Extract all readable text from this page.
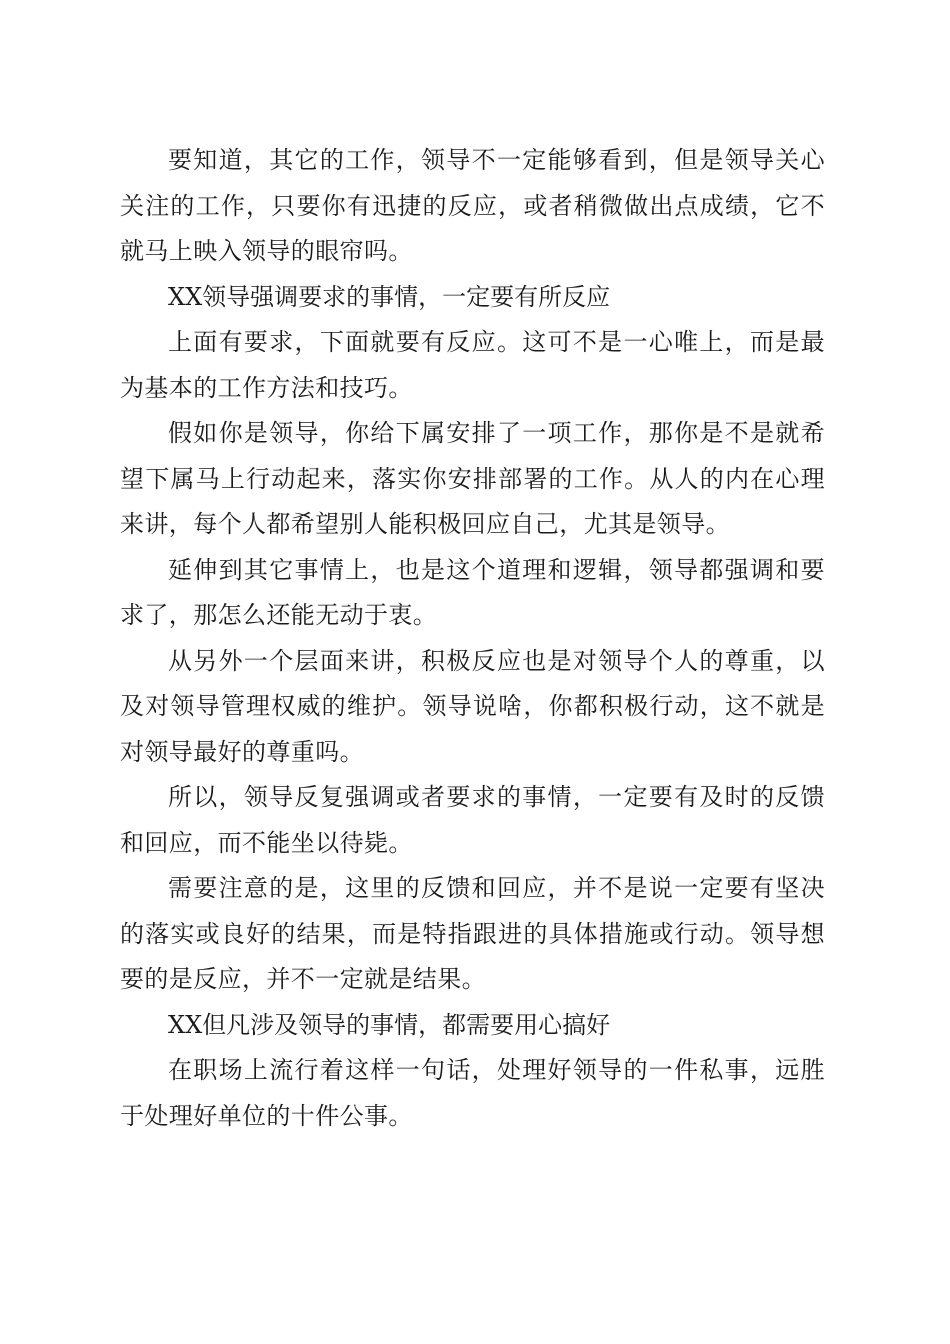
要知道，其它的工作，领导不一定能够看到，但是领导关心关注的工作，只要你有迅捷的反应，或者稍微做出点成绩，它不就马上映入领导的眼帘吗。

XX领导强调要求的事情，一定要有所反应

上面有要求，下面就要有反应。这可不是一心唯上，而是最为基本的工作方法和技巧。

假如你是领导，你给下属安排了一项工作，那你是不是就希望下属马上行动起来，落实你安排部署的工作。从人的内在心理来讲，每个人都希望别人能积极回应自己，尤其是领导。

延伸到其它事情上，也是这个道理和逻辑，领导都强调和要求了，那怎么还能无动于衷。

从另外一个层面来讲，积极反应也是对领导个人的尊重，以及对领导管理权威的维护。领导说啥，你都积极行动，这不就是对领导最好的尊重吗。

所以，领导反复强调或者要求的事情，一定要有及时的反馈和回应，而不能坐以待毙。

需要注意的是，这里的反馈和回应，并不是说一定要有坚决的落实或良好的结果，而是特指跟进的具体措施或行动。领导想要的是反应，并不一定就是结果。

XX但凡涉及领导的事情，都需要用心搞好

在职场上流行着这样一句话，处理好领导的一件私事，远胜于处理好单位的十件公事。
